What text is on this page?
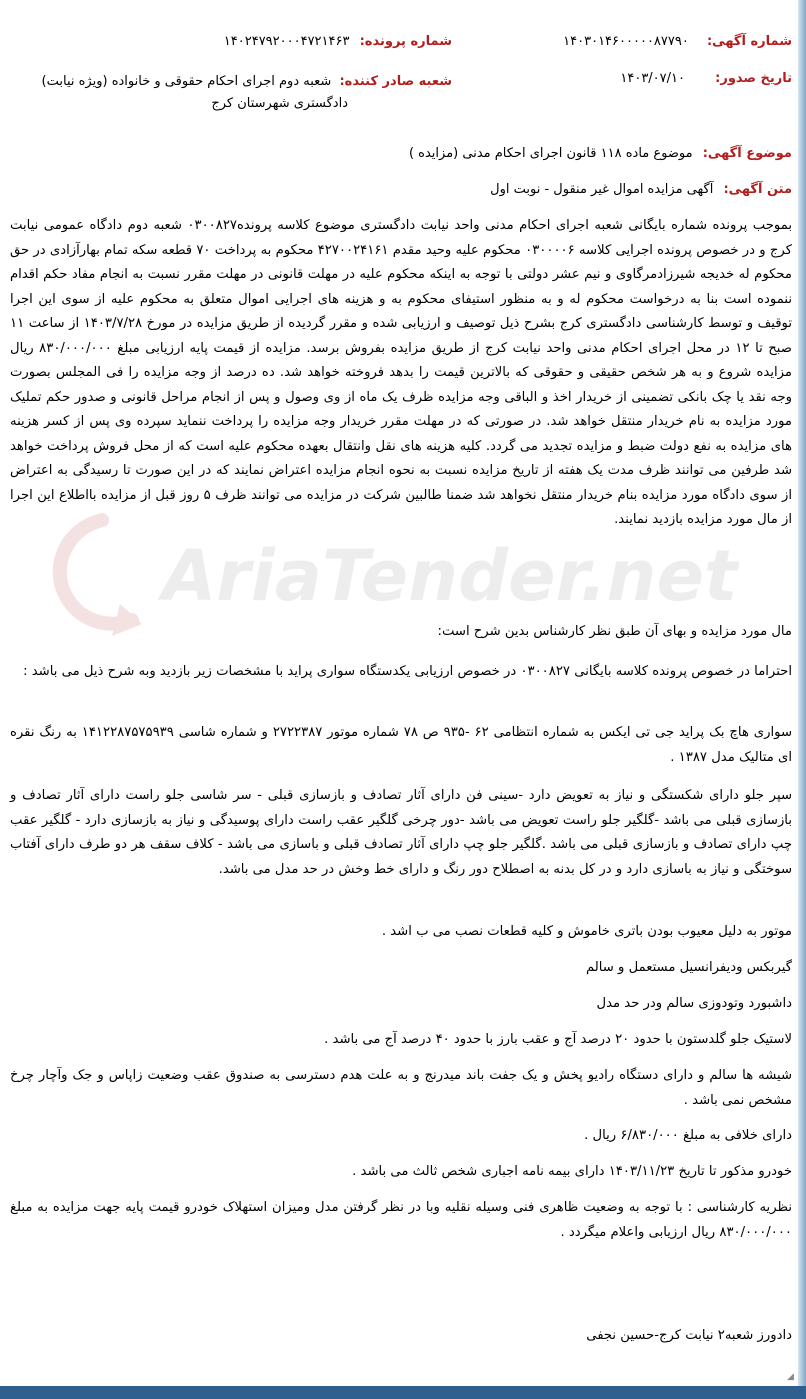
◢
AriaTender.net
شماره آگهی: ۱۴۰۳۰۱۴۶۰۰۰۰۰۸۷۷۹۰
شماره پرونده: ۱۴۰۲۴۷۹۲۰۰۰۴۷۲۱۴۶۳
تاریخ صدور: ۱۴۰۳/۰۷/۱۰
شعبه صادر کننده: شعبه دوم اجرای احکام حقوقی و خانواده (ویژه نیابت)
دادگستری شهرستان کرج
موضوع آگهی: موضوع ماده ۱۱۸ قانون اجرای احکام مدنی (مزایده )
متن آگهی: آگهی مزایده اموال غیر منقول - نوبت اول

بموجب پرونده شماره بایگانی شعبه اجرای احکام مدنی واحد نیابت دادگستری موضوع کلاسه پرونده۰۳۰۰۸۲۷ شعبه دوم دادگاه عمومی نیابت کرج و در خصوص پرونده اجرایی کلاسه ۰۳۰۰۰۰۶ محکوم علیه وحید مقدم ۴۲۷۰۰۲۴۱۶۱ محکوم به پرداخت ۷۰ قطعه سکه تمام بهارآزادی در حق محکوم له خدیجه شیرزادمرگاوی و نیم عشر دولتی با توجه به اینکه محکوم علیه در مهلت قانونی در مهلت مقرر نسبت به انجام مفاد حکم اقدام ننموده است بنا به درخواست محکوم له و به منظور استیفای محکوم به و هزینه های اجرایی اموال متعلق به محکوم علیه از سوی این اجرا توقیف و توسط کارشناسی دادگستری کرج بشرح ذیل توصیف و ارزیابی شده و مقرر گردیده از طریق مزایده در مورخ ۱۴۰۳/۷/۲۸ از ساعت ۱۱ صبح تا ۱۲ در محل اجرای احکام مدنی واحد نیابت کرج از طریق مزایده بفروش برسد. مزایده از قیمت پایه ارزیابی مبلغ ۸۳۰/۰۰۰/۰۰۰ ریال مزایده شروع و به هر شخص حقیقی و حقوقی که بالاترین قیمت را بدهد فروخته خواهد شد. ده درصد از وجه مزایده را فی المجلس بصورت وجه نقد یا چک بانکی تضمینی از خریدار اخذ و الباقی وجه مزایده ظرف یک ماه از وی وصول و پس از انجام مراحل قانونی و صدور حکم تملیک مورد مزایده به نام خریدار منتقل خواهد شد. در صورتی که در مهلت مقرر خریدار وجه مزایده را پرداخت ننماید سپرده وی پس از کسر هزینه های مزایده به نفع دولت ضبط و مزایده تجدید می گردد. کلیه هزینه های نقل وانتقال بعهده محکوم علیه است که از محل فروش پرداخت خواهد شد طرفین می توانند ظرف مدت یک هفته از تاریخ مزایده نسبت به نحوه انجام مزایده اعتراض نمایند که در این صورت تا رسیدگی به اعتراض از سوی دادگاه مورد مزایده بنام خریدار منتقل نخواهد شد ضمنا طالبین شرکت در مزایده می توانند ظرف ۵ روز قبل از مزایده بااطلاع این اجرا از مال مورد مزایده بازدید نمایند.

مال مورد مزایده و بهای آن طبق نظر کارشناس بدین شرح است:

احتراما در خصوص پرونده کلاسه بایگانی ۰۳۰۰۸۲۷ در خصوص ارزیابی یکدستگاه سواری پراید با مشخصات زیر بازدید وبه شرح ذیل می باشد :

سواری هاچ بک پراید جی تی ایکس به شماره انتظامی ۶۲ -۹۳۵ ص ۷۸ شماره موتور ۲۷۲۲۳۸۷ و شماره شاسی ۱۴۱۲۲۸۷۵۷۵۹۳۹ به رنگ نقره ای متالیک مدل ۱۳۸۷ .

سپر جلو دارای شکستگی و نیاز به تعویض دارد -سینی فن دارای آثار تصادف و بازسازی قبلی - سر شاسی جلو راست دارای آثار تصادف و بازسازی قبلی می باشد -گلگیر جلو راست تعویض می باشد -دور چرخی گلگیر عقب راست دارای پوسیدگی و نیاز به بازسازی دارد - گلگیر عقب چپ دارای تصادف و بازسازی قبلی می باشد .گلگیر جلو چپ دارای آثار تصادف قبلی و باسازی می باشد - کلاف سقف هر دو طرف دارای آفتاب سوختگی و نیاز به باسازی دارد و در کل بدنه به اصطلاح دور رنگ و دارای خط وخش در حد مدل می باشد.

موتور به دلیل معیوب بودن باتری خاموش و کلیه قطعات نصب می ب اشد .

گیربکس ودیفرانسیل مستعمل و سالم

داشبورد وتودوزی سالم ودر حد مدل

لاستیک جلو گلدستون با حدود ۲۰ درصد آج و عقب بارز با حدود ۴۰ درصد آج می باشد .

شیشه ها سالم و دارای دستگاه رادیو پخش و یک جفت باند میدرنج و به علت هدم دسترسی به صندوق عقب وضعیت زاپاس و جک وآچار چرخ مشخص نمی باشد .

دارای خلافی به مبلغ ۶/۸۳۰/۰۰۰ ریال .

خودرو مذکور تا تاریخ ۱۴۰۳/۱۱/۲۳ دارای بیمه نامه اجباری شخص ثالث می باشد .

نظریه کارشناسی : با توجه به وضعیت ظاهری فنی وسیله نقلیه وبا در نظر گرفتن مدل ومیزان استهلاک خودرو قیمت پایه جهت مزایده به مبلغ ۸۳۰/۰۰۰/۰۰۰ ریال ارزیابی واعلام میگردد .

دادورز شعبه۲ نیابت کرج-حسین نجفی
